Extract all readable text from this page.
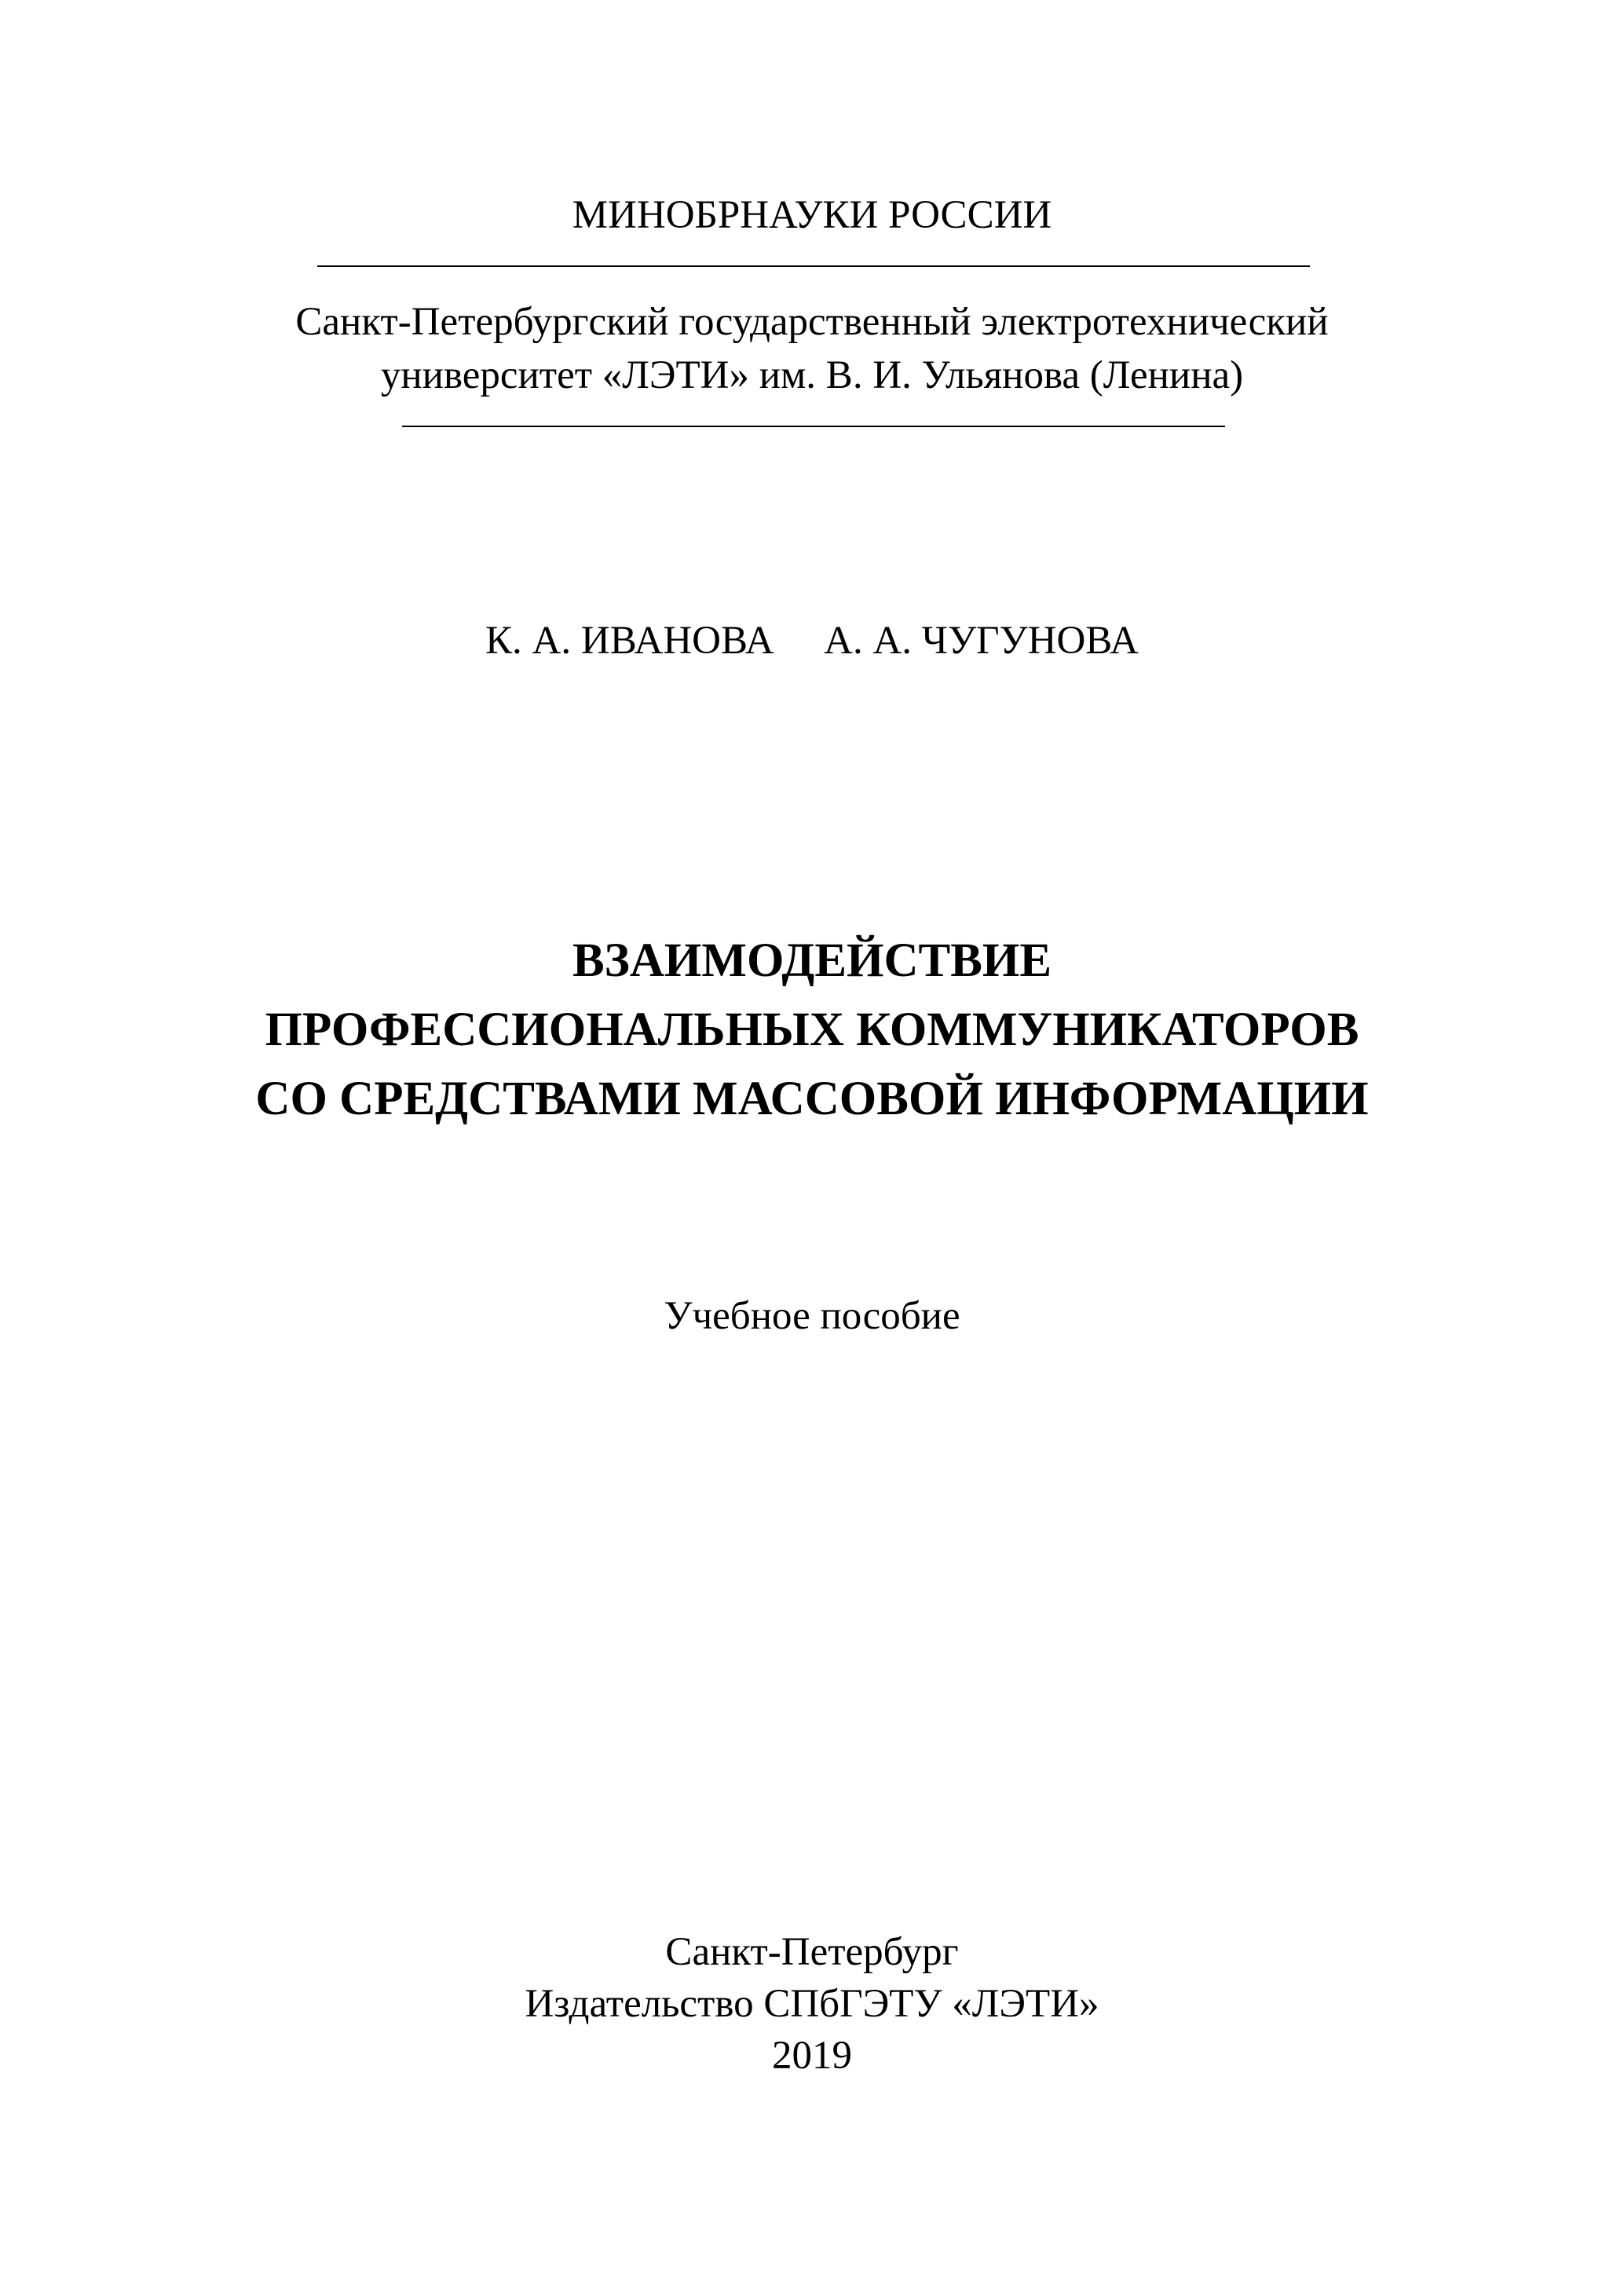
МИНОБРНАУКИ РОССИИ
Санкт-Петербургский государственный электротехнический
университет «ЛЭТИ» им. В. И. Ульянова (Ленина)
К. А. ИВАНОВА А. А. ЧУГУНОВА
ВЗАИМОДЕЙСТВИЕ
ПРОФЕССИОНАЛЬНЫХ КОММУНИКАТОРОВ
СО СРЕДСТВАМИ МАССОВОЙ ИНФОРМАЦИИ
Учебное пособие
Санкт-Петербург
Издательство СПбГЭТУ «ЛЭТИ»
2019
